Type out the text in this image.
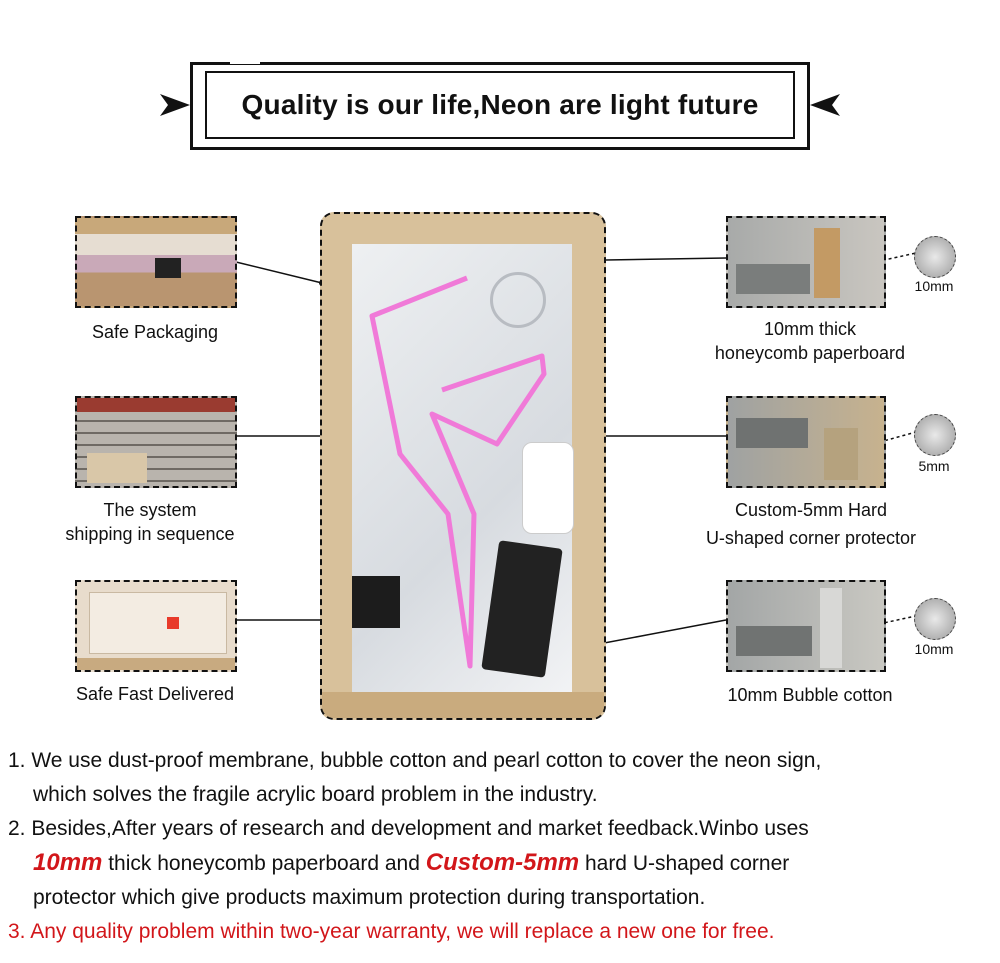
Quality is our life,Neon are light future
Safe Packaging
The system
shipping in sequence
Safe Fast Delivered
10mm
10mm thick
honeycomb paperboard
5mm
Custom-5mm Hard
U-shaped corner protector
10mm
10mm Bubble cotton
1. We use dust-proof membrane, bubble cotton and pearl cotton to cover the neon sign,
which solves the fragile acrylic board problem in the industry.
2. Besides,After years of research and development and market feedback.Winbo uses
10mm thick honeycomb paperboard and Custom-5mm hard U-shaped corner
protector which give products maximum protection during transportation.
3. Any quality problem within two-year warranty, we will replace a new one for free.
